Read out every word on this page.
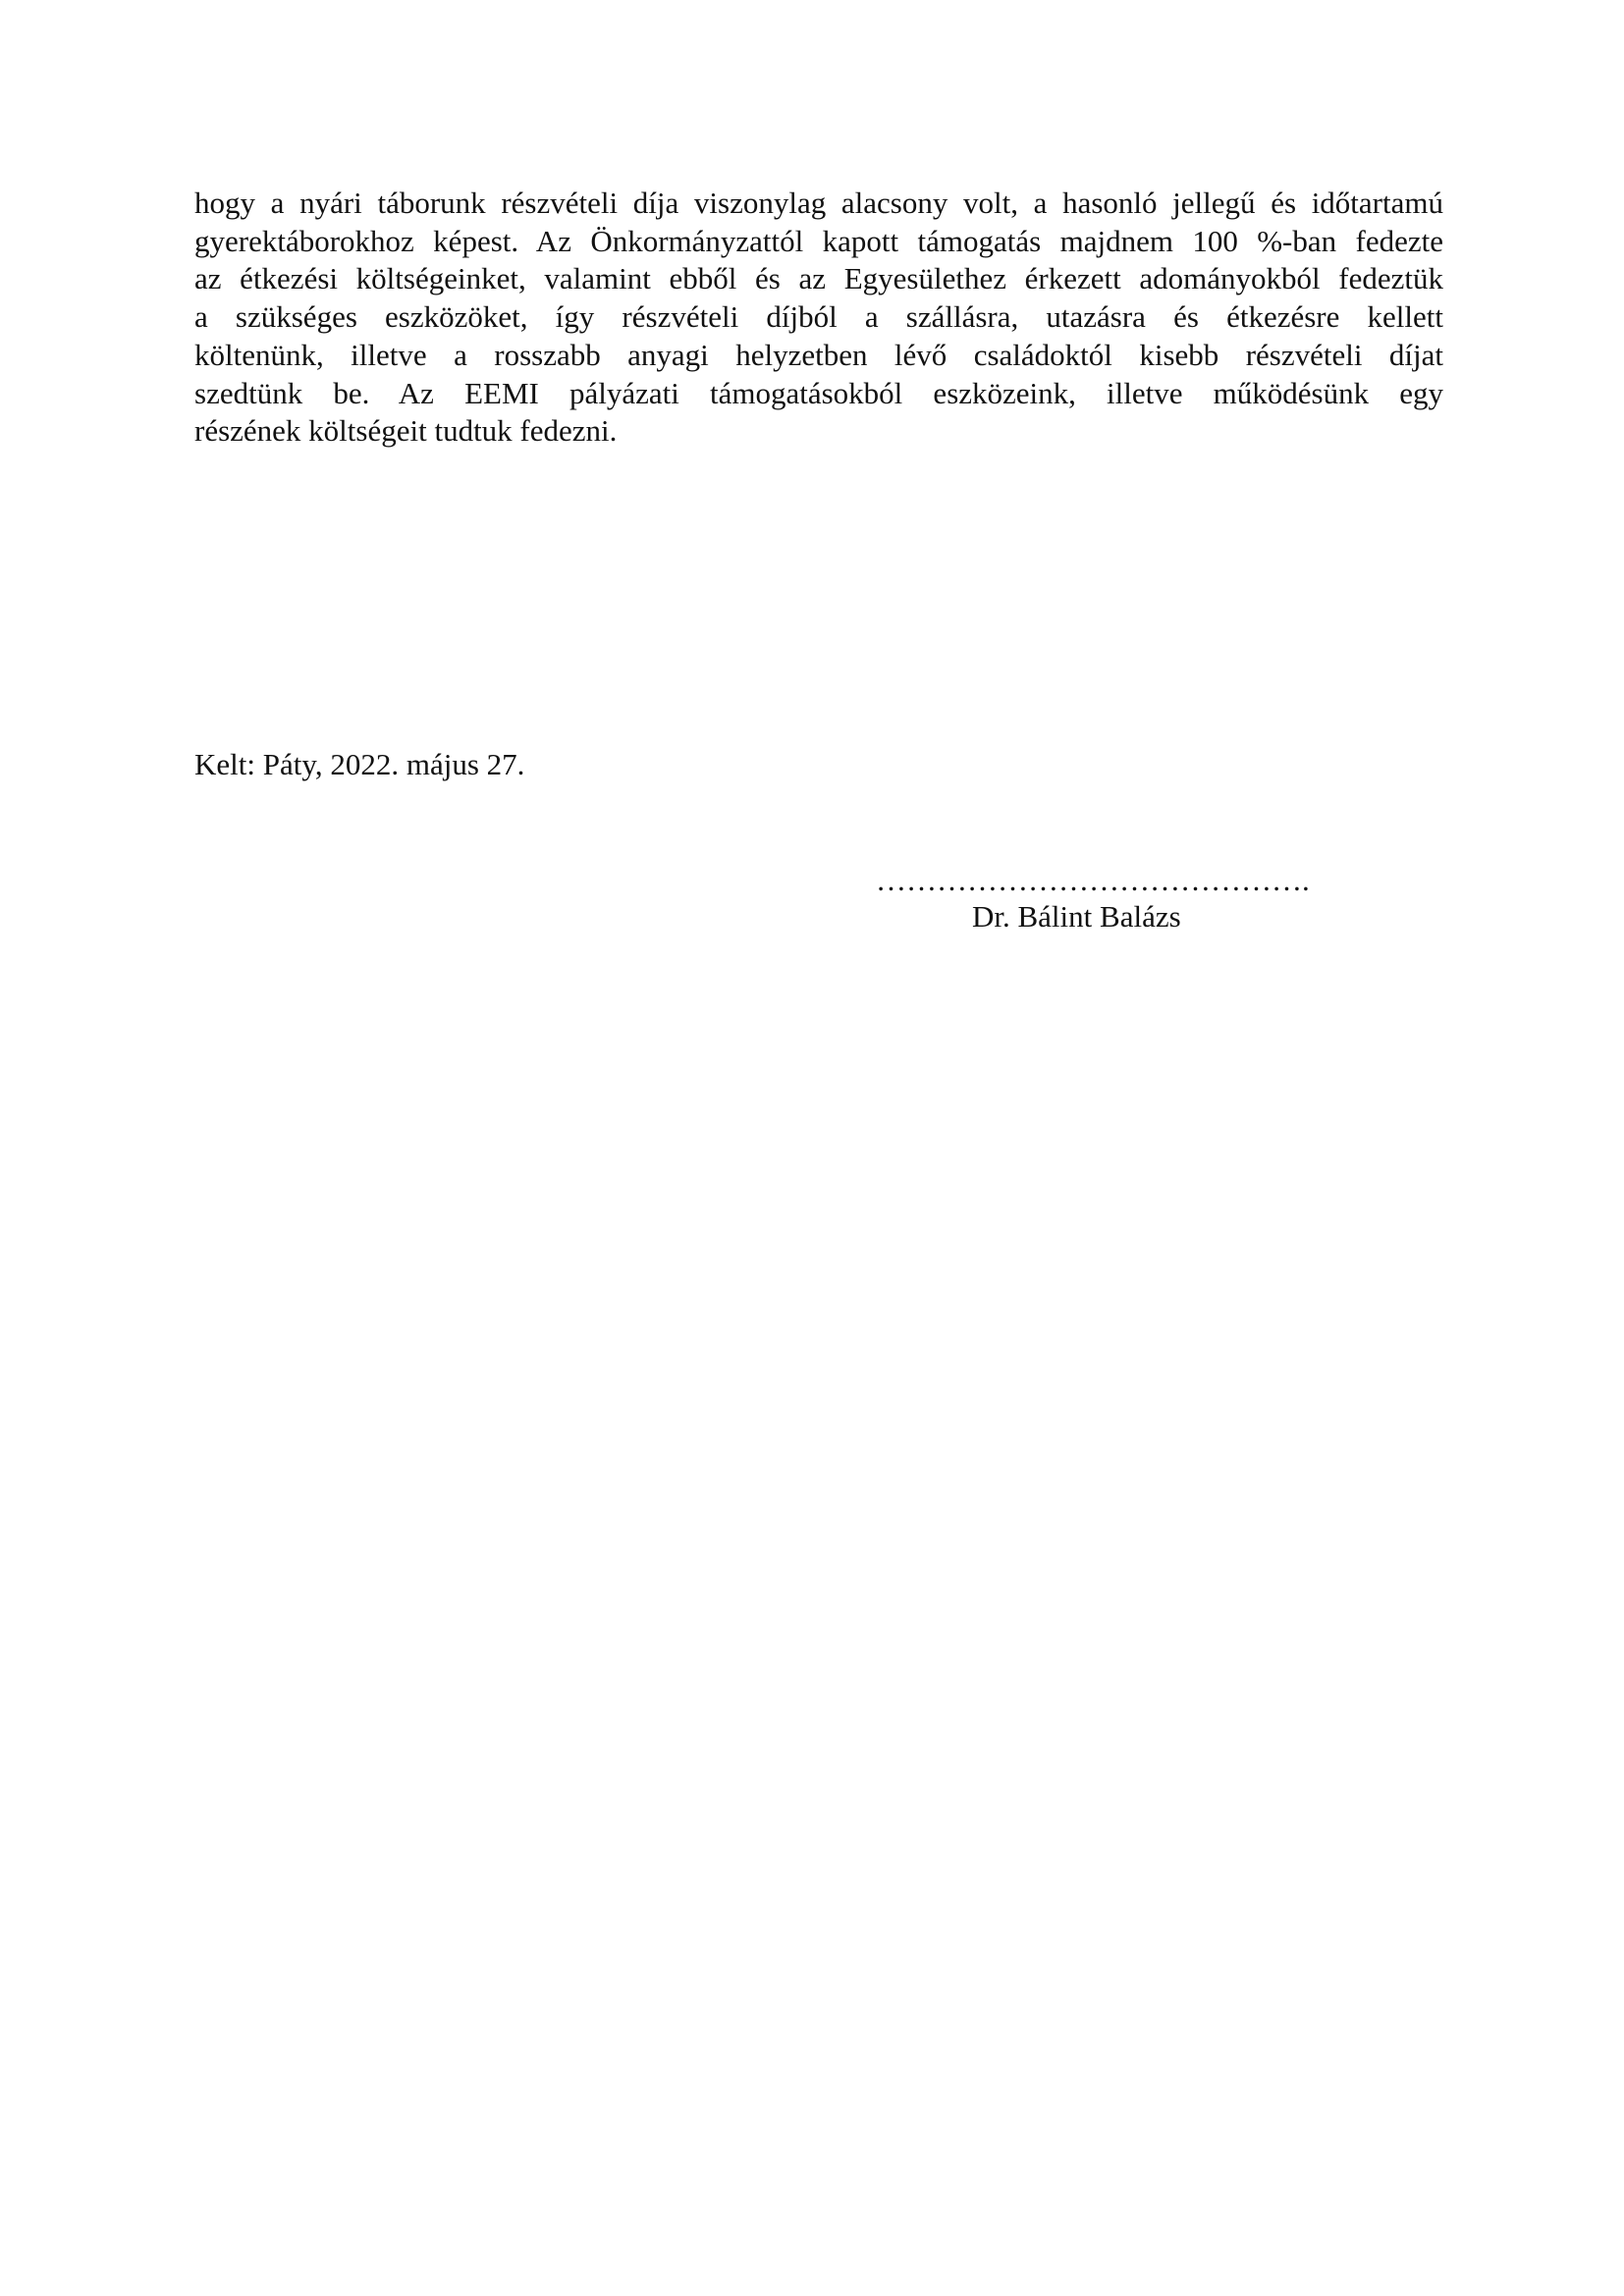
hogy a nyári táborunk részvételi díja viszonylag alacsony volt, a hasonló jellegű és időtartamú
gyerektáborokhoz képest. Az Önkormányzattól kapott támogatás majdnem 100 %-ban fedezte
az étkezési költségeinket, valamint ebből és az Egyesülethez érkezett adományokból fedeztük
a szükséges eszközöket, így részvételi díjból a szállásra, utazásra és étkezésre kellett
költenünk, illetve a rosszabb anyagi helyzetben lévő családoktól kisebb részvételi díjat
szedtünk be. Az EEMI pályázati támogatásokból eszközeink, illetve működésünk egy
részének költségeit tudtuk fedezni.

Kelt: Páty, 2022. május 27.

…………………………………….
Dr. Bálint Balázs
